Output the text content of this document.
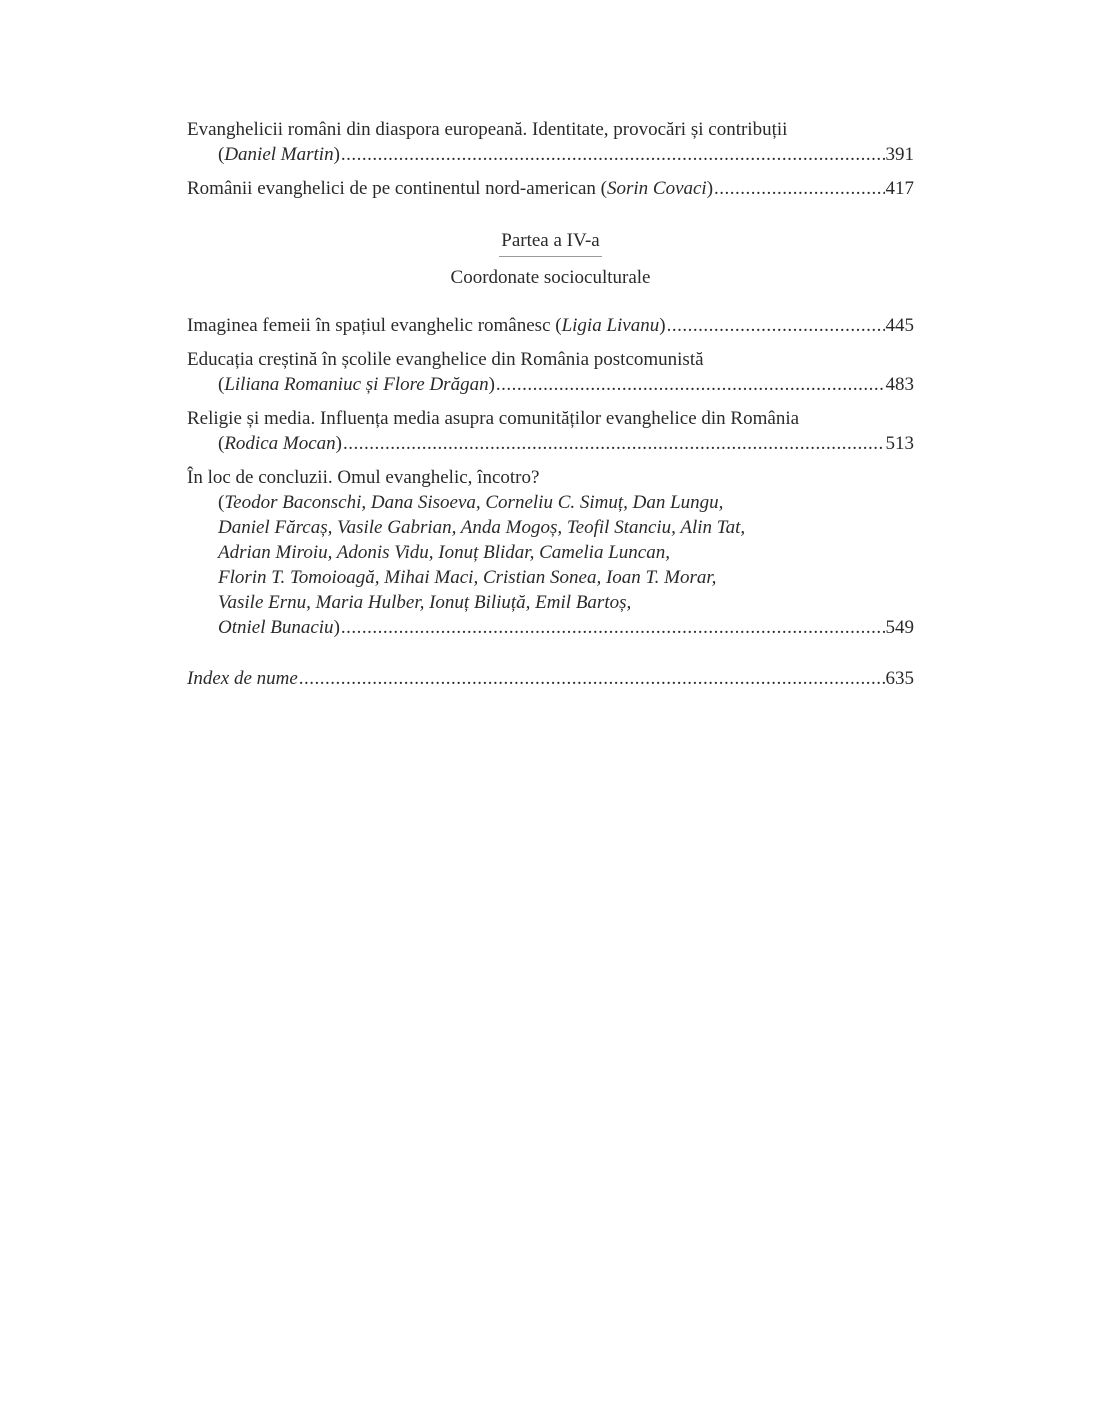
Evanghelicii români din diaspora europeană. Identitate, provocări și contribuții
( Daniel Martin ) .....	391
Românii evanghelici de pe continentul nord-american ( Sorin Covaci ) .....	417
Partea a IV-a
Coordonate socioculturale
Imaginea femeii în spațiul evanghelic românesc ( Ligia Livanu ) .....	445
Educația creștină în școlile evanghelice din România postcomunistă
( Liliana Romaniuc și Flore Drăgan ) .....	483
Religie și media. Influența media asupra comunităților evanghelice din România
( Rodica Mocan ) .....	513
În loc de concluzii. Omul evanghelic, încotro?
( Teodor Baconschi, Dana Sisoeva, Corneliu C. Simuț, Dan Lungu,
Daniel Fărcaș, Vasile Gabrian, Anda Mogoș, Teofil Stanciu, Alin Tat,
Adrian Miroiu, Adonis Vidu, Ionuț Blidar, Camelia Luncan,
Florin T. Tomoioagă, Mihai Maci, Cristian Sonea, Ioan T. Morar,
Vasile Ernu, Maria Hulber, Ionuț Biliuță, Emil Bartoș,
Otniel Bunaciu ) .....	549
Index de nume .....	635
